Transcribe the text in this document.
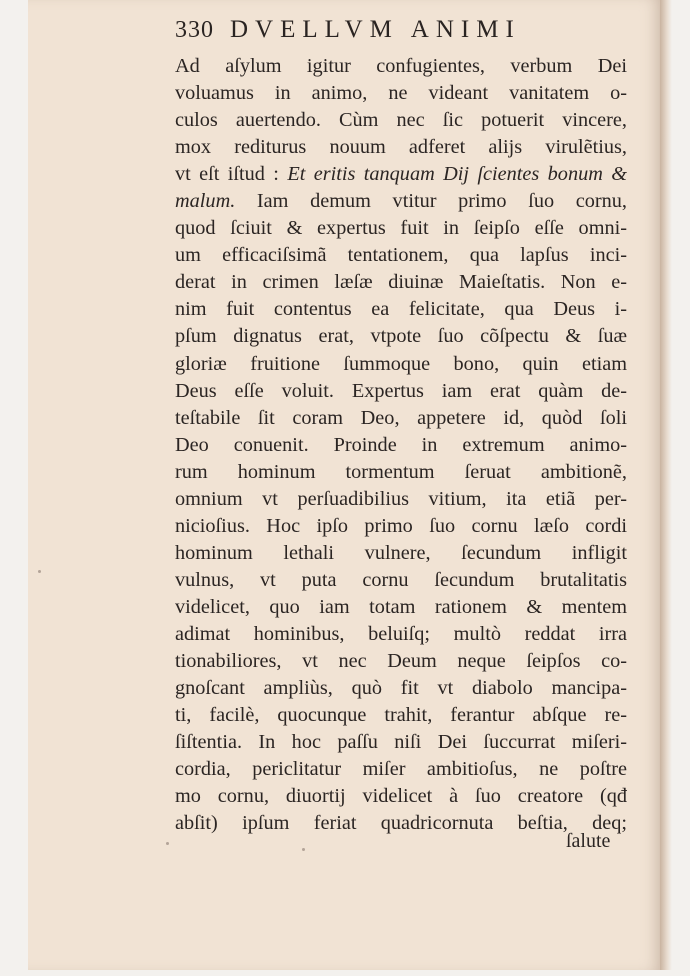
330 DVELLVM ANIMI
Ad aſylum igitur confugientes, verbum Dei
voluamus in animo, ne videant vanitatem o-
culos auertendo. Cùm nec ſic potuerit vincere,
mox rediturus nouum adferet alijs virulẽtius,
vt eſt iſtud : Et eritis tanquam Dij ſcientes bonum &
malum. Iam demum vtitur primo ſuo cornu,
quod ſciuit & expertus fuit in ſeipſo eſſe omni-
um efficaciſsimã tentationem, qua lapſus inci-
derat in crimen læſæ diuinæ Maieſtatis. Non e-
nim fuit contentus ea felicitate, qua Deus i-
pſum dignatus erat, vtpote ſuo cõſpectu & ſuæ
gloriæ fruitione ſummoque bono, quin etiam
Deus eſſe voluit. Expertus iam erat quàm de-
teſtabile ſit coram Deo, appetere id, quòd ſoli
Deo conuenit. Proinde in extremum animo-
rum hominum tormentum ſeruat ambitionẽ,
omnium vt perſuadibilius vitium, ita etiã per-
nicioſius. Hoc ipſo primo ſuo cornu læſo cordi
hominum lethali vulnere, ſecundum infligit
vulnus, vt puta cornu ſecundum brutalitatis
videlicet, quo iam totam rationem & mentem
adimat hominibus, beluiſq; multò reddat irra
tionabiliores, vt nec Deum neque ſeipſos co-
gnoſcant ampliùs, quò fit vt diabolo mancipa-
ti, facilè, quocunque trahit, ferantur abſque re-
ſiſtentia. In hoc paſſu niſi Dei ſuccurrat miſeri-
cordia, periclitatur miſer ambitioſus, ne poſtre
mo cornu, diuortij videlicet à ſuo creatore (qđ
abſit) ipſum feriat quadricornuta beſtia, deq;
ſalute
